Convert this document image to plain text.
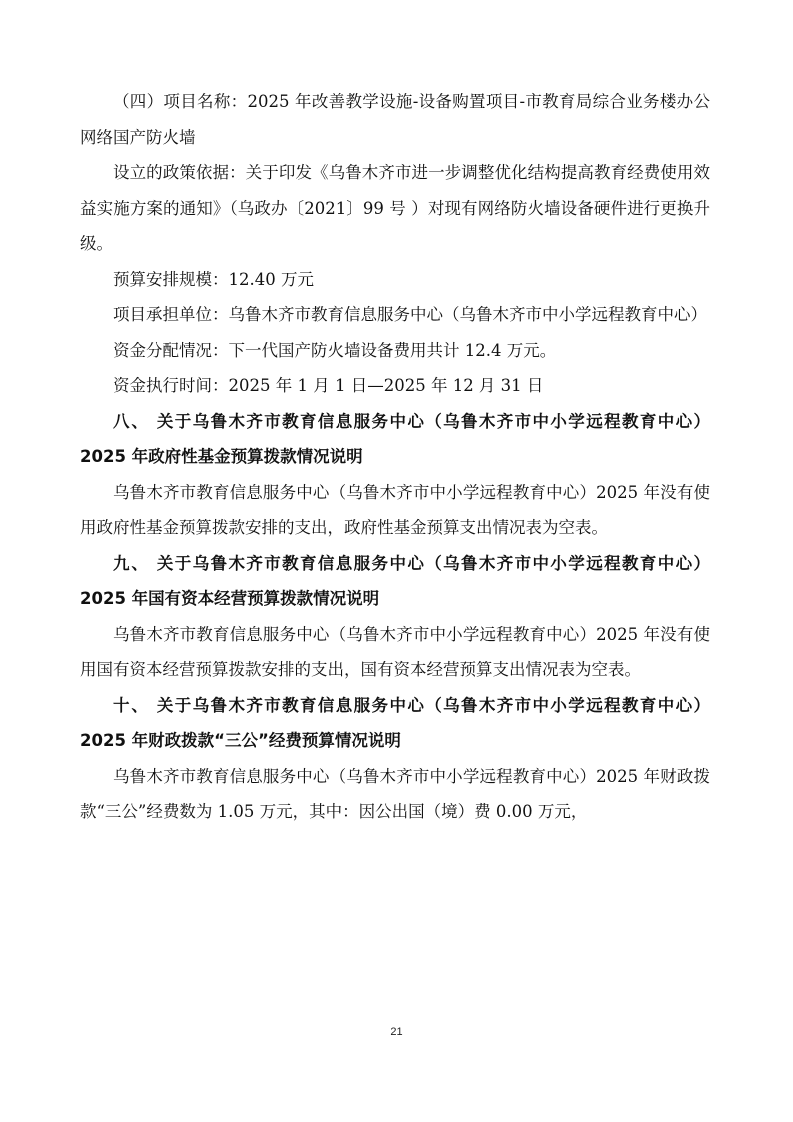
（四）项目名称：2025 年改善教学设施-设备购置项目-市教育局综合业务楼办公网络国产防火墙

设立的政策依据：关于印发《乌鲁木齐市进一步调整优化结构提高教育经费使用效益实施方案的通知》（乌政办〔2021〕99 号 ）对现有网络防火墙设备硬件进行更换升级。

预算安排规模：12.40 万元

项目承担单位：乌鲁木齐市教育信息服务中心（乌鲁木齐市中小学远程教育中心）

资金分配情况：下一代国产防火墙设备费用共计 12.4 万元。

资金执行时间：2025 年 1 月 1 日—2025 年 12 月 31 日

八、 关于乌鲁木齐市教育信息服务中心（乌鲁木齐市中小学远程教育中心）2025 年政府性基金预算拨款情况说明

乌鲁木齐市教育信息服务中心（乌鲁木齐市中小学远程教育中心）2025 年没有使用政府性基金预算拨款安排的支出，政府性基金预算支出情况表为空表。

九、 关于乌鲁木齐市教育信息服务中心（乌鲁木齐市中小学远程教育中心）2025 年国有资本经营预算拨款情况说明

乌鲁木齐市教育信息服务中心（乌鲁木齐市中小学远程教育中心）2025 年没有使用国有资本经营预算拨款安排的支出，国有资本经营预算支出情况表为空表。

十、 关于乌鲁木齐市教育信息服务中心（乌鲁木齐市中小学远程教育中心）2025 年财政拨款“三公”经费预算情况说明

乌鲁木齐市教育信息服务中心（乌鲁木齐市中小学远程教育中心）2025 年财政拨款“三公”经费数为 1.05 万元，其中：因公出国（境）费 0.00 万元，

21
